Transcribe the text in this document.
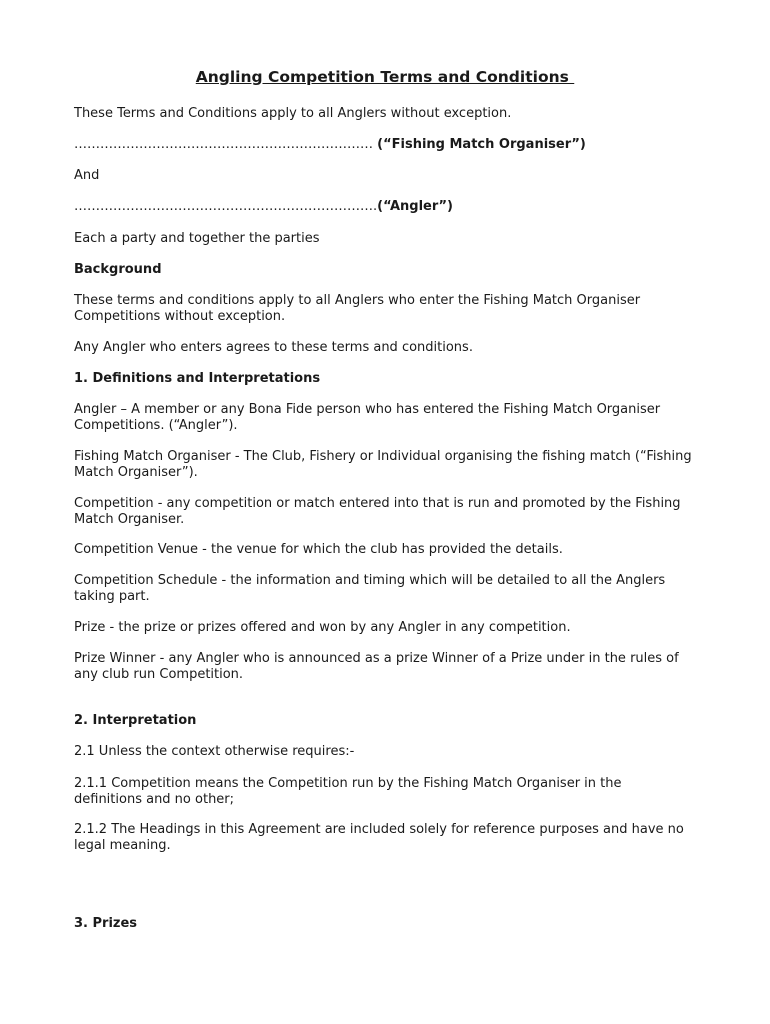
Angling Competition Terms and Conditions

These Terms and Conditions apply to all Anglers without exception.

…………………………………………………………… (“Fishing Match Organiser”)

And

…………………………………………………………….(“Angler”)

Each a party and together the parties

Background

These terms and conditions apply to all Anglers who enter the Fishing Match Organiser Competitions without exception.

Any Angler who enters agrees to these terms and conditions.

1. Definitions and Interpretations

Angler – A member or any Bona Fide person who has entered the Fishing Match Organiser Competitions. (“Angler”).

Fishing Match Organiser - The Club, Fishery or Individual organising the fishing match (“Fishing Match Organiser”).

Competition - any competition or match entered into that is run and promoted by the Fishing Match Organiser.

Competition Venue - the venue for which the club has provided the details.

Competition Schedule - the information and timing which will be detailed to all the Anglers taking part.

Prize - the prize or prizes offered and won by any Angler in any competition.

Prize Winner - any Angler who is announced as a prize Winner of a Prize under in the rules of any club run Competition.

2. Interpretation

2.1 Unless the context otherwise requires:-

2.1.1 Competition means the Competition run by the Fishing Match Organiser in the definitions and no other;

2.1.2 The Headings in this Agreement are included solely for reference purposes and have no legal meaning.

3. Prizes
